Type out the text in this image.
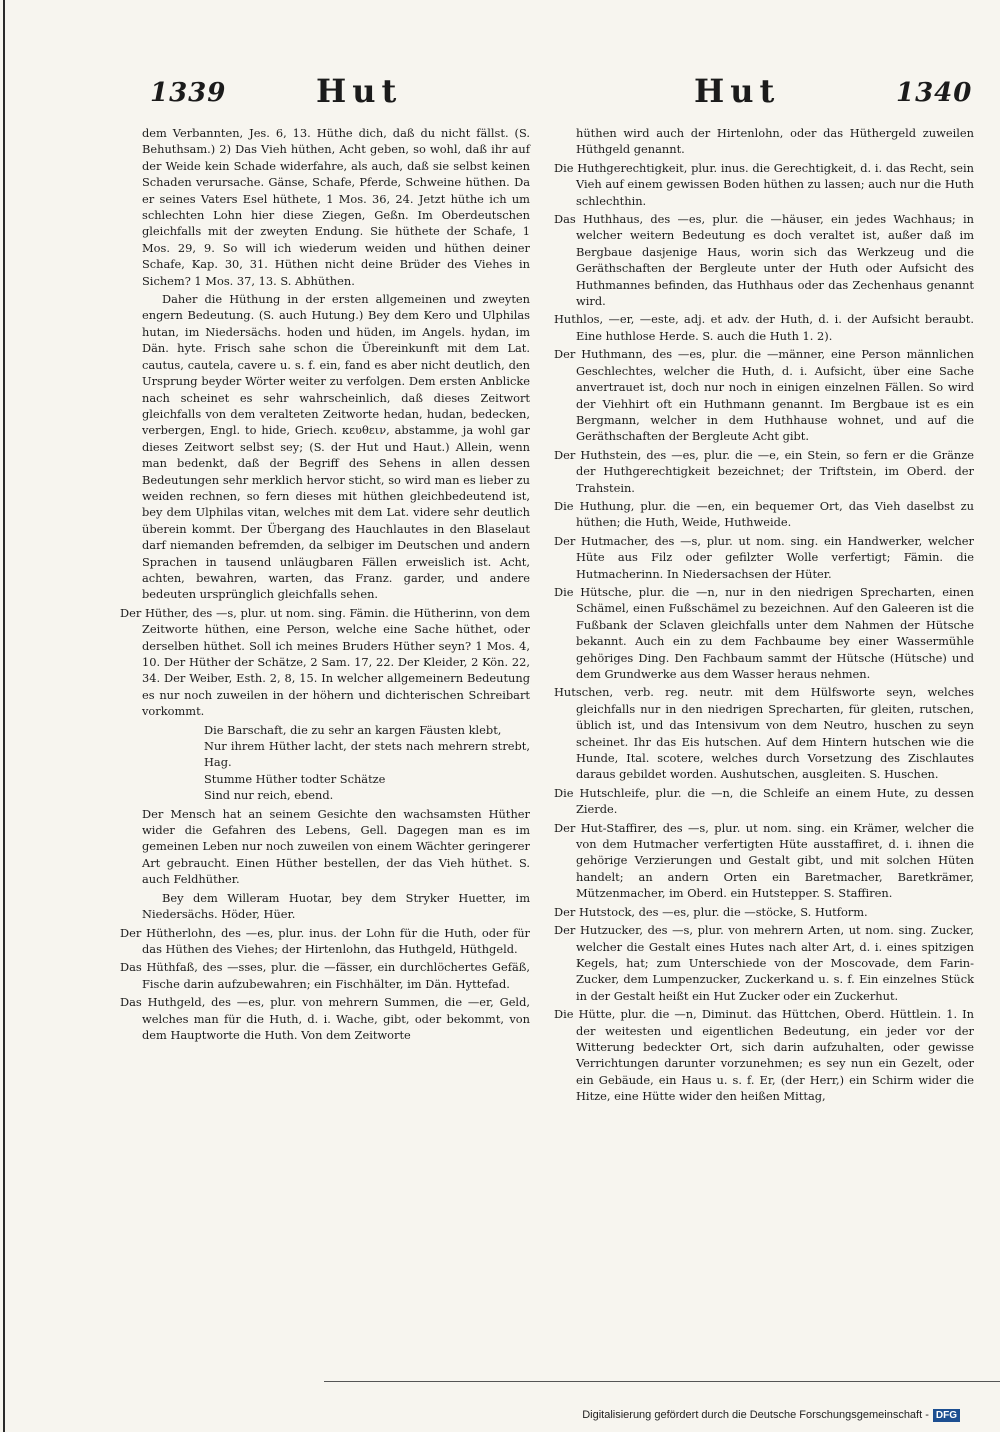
1339	Hut	Hut	1340

dem Verbannten, Jes. 6, 13. Hüthe dich, daß du nicht fällst. (S. Behuthsam.) 2) Das Vieh hüthen, Acht geben, so wohl, daß ihr auf der Weide kein Schade widerfahre, als auch, daß sie selbst keinen Schaden verursache. Gänse, Schafe, Pferde, Schweine hüthen. Da er seines Vaters Esel hüthete, 1 Mos. 36, 24. Jetzt hüthe ich um schlechten Lohn hier diese Ziegen, Geßn. Im Oberdeutschen gleichfalls mit der zweyten Endung. Sie hüthete der Schafe, 1 Mos. 29, 9. So will ich wiederum weiden und hüthen deiner Schafe, Kap. 30, 31. Hüthen nicht deine Brüder des Viehes in Sichem? 1 Mos. 37, 13. S. Abhüthen.

Daher die Hüthung in der ersten allgemeinen und zweyten engern Bedeutung. (S. auch Hutung.) Bey dem Kero und Ulphilas hutan, im Niedersächs. hoden und hüden, im Angels. hydan, im Dän. hyte. Frisch sahe schon die Übereinkunft mit dem Lat. cautus, cautela, cavere u. s. f. ein, fand es aber nicht deutlich, den Ursprung beyder Wörter weiter zu verfolgen. Dem ersten Anblicke nach scheinet es sehr wahrscheinlich, daß dieses Zeitwort gleichfalls von dem veralteten Zeitworte hedan, hudan, bedecken, verbergen, Engl. to hide, Griech. κευθειν, abstamme, ja wohl gar dieses Zeitwort selbst sey; (S. der Hut und Haut.) Allein, wenn man bedenkt, daß der Begriff des Sehens in allen dessen Bedeutungen sehr merklich hervor sticht, so wird man es lieber zu weiden rechnen, so fern dieses mit hüthen gleichbedeutend ist, bey dem Ulphilas vitan, welches mit dem Lat. videre sehr deutlich überein kommt. Der Übergang des Hauchlautes in den Blaselaut darf niemanden befremden, da selbiger im Deutschen und andern Sprachen in tausend unläugbaren Fällen erweislich ist. Acht, achten, bewahren, warten, das Franz. garder, und andere bedeuten ursprünglich gleichfalls sehen.

Der Hüther, des —s, plur. ut nom. sing. Fämin. die Hütherinn, von dem Zeitworte hüthen, eine Person, welche eine Sache hüthet, oder derselben hüthet. Soll ich meines Bruders Hüther seyn? 1 Mos. 4, 10. Der Hüther der Schätze, 2 Sam. 17, 22. Der Kleider, 2 Kön. 22, 34. Der Weiber, Esth. 2, 8, 15. In welcher allgemeinern Bedeutung es nur noch zuweilen in der höhern und dichterischen Schreibart vorkommt.

Die Barschaft, die zu sehr an kargen Fäusten klebt,
Nur ihrem Hüther lacht, der stets nach mehrern strebt, Hag.
Stumme Hüther todter Schätze
Sind nur reich, ebend.

Der Mensch hat an seinem Gesichte den wachsamsten Hüther wider die Gefahren des Lebens, Gell. Dagegen man es im gemeinen Leben nur noch zuweilen von einem Wächter geringerer Art gebraucht. Einen Hüther bestellen, der das Vieh hüthet. S. auch Feldhüther.

Bey dem Willeram Huotar, bey dem Stryker Huetter, im Niedersächs. Höder, Hüer.

Der Hütherlohn, des —es, plur. inus. der Lohn für die Huth, oder für das Hüthen des Viehes; der Hirtenlohn, das Huthgeld, Hüthgeld.

Das Hüthfaß, des —sses, plur. die —fässer, ein durchlöchertes Gefäß, Fische darin aufzubewahren; ein Fischhälter, im Dän. Hyttefad.

Das Huthgeld, des —es, plur. von mehrern Summen, die —er, Geld, welches man für die Huth, d. i. Wache, gibt, oder bekommt, von dem Hauptworte die Huth. Von dem Zeitworte

hüthen wird auch der Hirtenlohn, oder das Hüthergeld zuweilen Hüthgeld genannt.

Die Huthgerechtigkeit, plur. inus. die Gerechtigkeit, d. i. das Recht, sein Vieh auf einem gewissen Boden hüthen zu lassen; auch nur die Huth schlechthin.

Das Huthhaus, des —es, plur. die —häuser, ein jedes Wachhaus; in welcher weitern Bedeutung es doch veraltet ist, außer daß im Bergbaue dasjenige Haus, worin sich das Werkzeug und die Geräthschaften der Bergleute unter der Huth oder Aufsicht des Huthmannes befinden, das Huthhaus oder das Zechenhaus genannt wird.

Huthlos, —er, —este, adj. et adv. der Huth, d. i. der Aufsicht beraubt. Eine huthlose Herde. S. auch die Huth 1. 2).

Der Huthmann, des —es, plur. die —männer, eine Person männlichen Geschlechtes, welcher die Huth, d. i. Aufsicht, über eine Sache anvertrauet ist, doch nur noch in einigen einzelnen Fällen. So wird der Viehhirt oft ein Huthmann genannt. Im Bergbaue ist es ein Bergmann, welcher in dem Huthhause wohnet, und auf die Geräthschaften der Bergleute Acht gibt.

Der Huthstein, des —es, plur. die —e, ein Stein, so fern er die Gränze der Huthgerechtigkeit bezeichnet; der Triftstein, im Oberd. der Trahstein.

Die Huthung, plur. die —en, ein bequemer Ort, das Vieh daselbst zu hüthen; die Huth, Weide, Huthweide.

Der Hutmacher, des —s, plur. ut nom. sing. ein Handwerker, welcher Hüte aus Filz oder gefilzter Wolle verfertigt; Fämin. die Hutmacherinn. In Niedersachsen der Hüter.

Die Hütsche, plur. die —n, nur in den niedrigen Sprecharten, einen Schämel, einen Fußschämel zu bezeichnen. Auf den Galeeren ist die Fußbank der Sclaven gleichfalls unter dem Nahmen der Hütsche bekannt. Auch ein zu dem Fachbaume bey einer Wassermühle gehöriges Ding. Den Fachbaum sammt der Hütsche (Hütsche) und dem Grundwerke aus dem Wasser heraus nehmen.

Hutschen, verb. reg. neutr. mit dem Hülfsworte seyn, welches gleichfalls nur in den niedrigen Sprecharten, für gleiten, rutschen, üblich ist, und das Intensivum von dem Neutro, huschen zu seyn scheinet. Ihr das Eis hutschen. Auf dem Hintern hutschen wie die Hunde, Ital. scotere, welches durch Vorsetzung des Zischlautes daraus gebildet worden. Aushutschen, ausgleiten. S. Huschen.

Die Hutschleife, plur. die —n, die Schleife an einem Hute, zu dessen Zierde.

Der Hut-Staffirer, des —s, plur. ut nom. sing. ein Krämer, welcher die von dem Hutmacher verfertigten Hüte ausstaffiret, d. i. ihnen die gehörige Verzierungen und Gestalt gibt, und mit solchen Hüten handelt; an andern Orten ein Baretmacher, Baretkrämer, Mützenmacher, im Oberd. ein Hutstepper. S. Staffiren.

Der Hutstock, des —es, plur. die —stöcke, S. Hutform.

Der Hutzucker, des —s, plur. von mehrern Arten, ut nom. sing. Zucker, welcher die Gestalt eines Hutes nach alter Art, d. i. eines spitzigen Kegels, hat; zum Unterschiede von der Moscovade, dem Farin-Zucker, dem Lumpenzucker, Zuckerkand u. s. f. Ein einzelnes Stück in der Gestalt heißt ein Hut Zucker oder ein Zuckerhut.

Die Hütte, plur. die —n, Diminut. das Hüttchen, Oberd. Hüttlein. 1. In der weitesten und eigentlichen Bedeutung, ein jeder vor der Witterung bedeckter Ort, sich darin aufzuhalten, oder gewisse Verrichtungen darunter vorzunehmen; es sey nun ein Gezelt, oder ein Gebäude, ein Haus u. s. f. Er, (der Herr,) ein Schirm wider die Hitze, eine Hütte wider den heißen Mittag,

Digitalisierung gefördert durch die Deutsche Forschungsgemeinschaft - DFG
